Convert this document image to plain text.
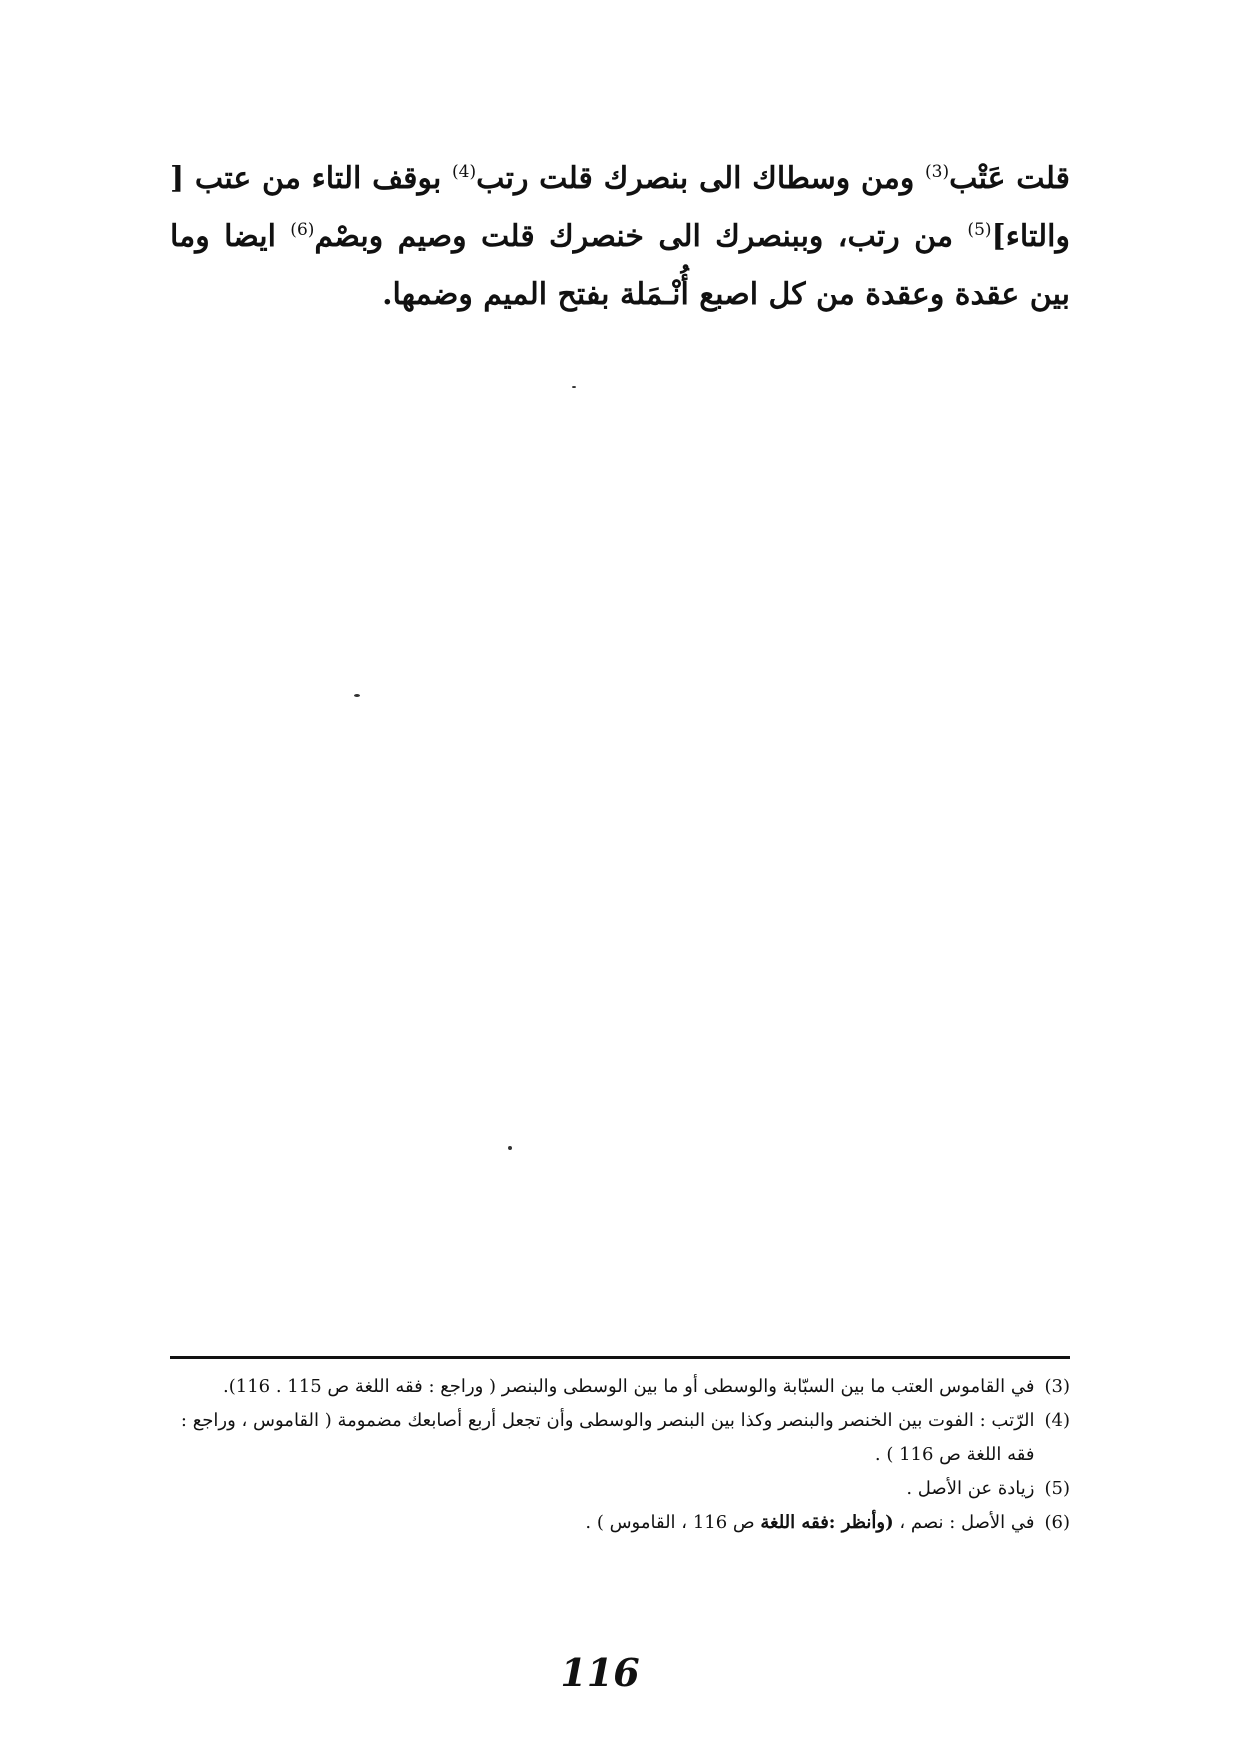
قلت عَتْب$^{(3)}$ ومن وسطاك الى بنصرك قلت رتب$^{(4)}$ بوقف التاء من عتب [ والتاء]$^{(5)}$ من رتب، وببنصرك الى خنصرك قلت وصيم وبصْم$^{(6)}$ ايضا وما بين عقدة وعقدة من كل اصبع أُنْـمَلة بفتح الميم وضمها.

(3)
في القاموس العتب ما بين السبّابة والوسطى أو ما بين الوسطى والبنصر ( وراجع : فقه اللغة ص 115 . 116).
(4)
الرّتب : الفوت بين الخنصر والبنصر وكذا بين البنصر والوسطى وأن تجعل أربع أصابعك مضمومة ( القاموس ، وراجع : فقه اللغة ص 116 ) .
(5)
زيادة عن الأصل .
(6)
في الأصل : نصم ، (وأنظر :فقه اللغة ص 116 ، القاموس ) .
116
